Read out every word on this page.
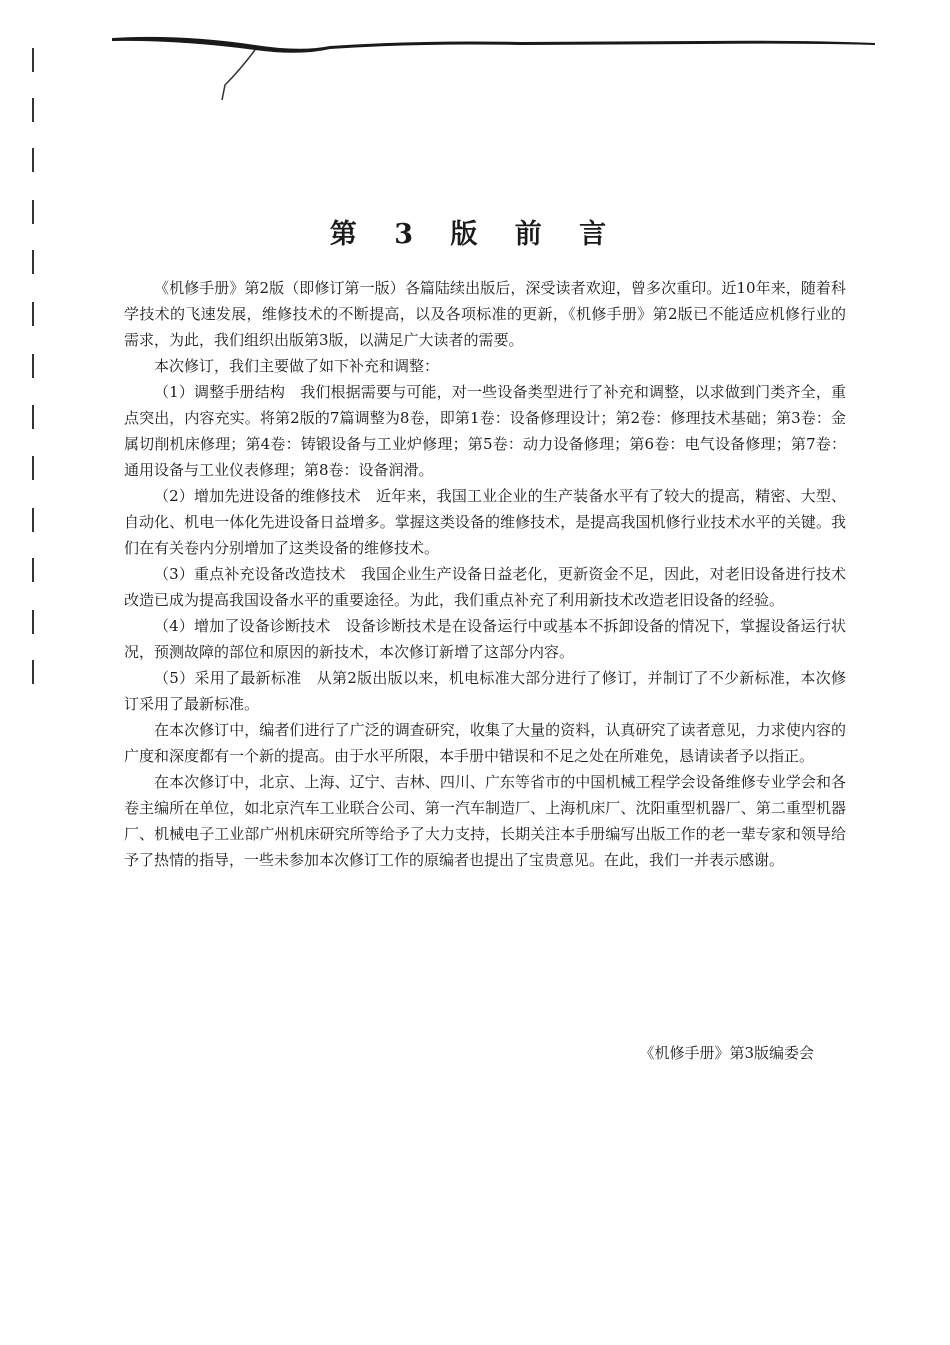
第 3 版 前 言

《机修手册》第2版（即修订第一版）各篇陆续出版后，深受读者欢迎，曾多次重印。近10年来，随着科学技术的飞速发展，维修技术的不断提高，以及各项标准的更新，《机修手册》第2版已不能适应机修行业的需求，为此，我们组织出版第3版，以满足广大读者的需要。

本次修订，我们主要做了如下补充和调整：

（1）调整手册结构　我们根据需要与可能，对一些设备类型进行了补充和调整，以求做到门类齐全，重点突出，内容充实。将第2版的7篇调整为8卷，即第1卷：设备修理设计；第2卷：修理技术基础；第3卷：金属切削机床修理；第4卷：铸锻设备与工业炉修理；第5卷：动力设备修理；第6卷：电气设备修理；第7卷：通用设备与工业仪表修理；第8卷：设备润滑。

（2）增加先进设备的维修技术　近年来，我国工业企业的生产装备水平有了较大的提高，精密、大型、自动化、机电一体化先进设备日益增多。掌握这类设备的维修技术，是提高我国机修行业技术水平的关键。我们在有关卷内分别增加了这类设备的维修技术。

（3）重点补充设备改造技术　我国企业生产设备日益老化，更新资金不足，因此，对老旧设备进行技术改造已成为提高我国设备水平的重要途径。为此，我们重点补充了利用新技术改造老旧设备的经验。

（4）增加了设备诊断技术　设备诊断技术是在设备运行中或基本不拆卸设备的情况下，掌握设备运行状况，预测故障的部位和原因的新技术，本次修订新增了这部分内容。

（5）采用了最新标准　从第2版出版以来，机电标准大部分进行了修订，并制订了不少新标准，本次修订采用了最新标准。

在本次修订中，编者们进行了广泛的调查研究，收集了大量的资料，认真研究了读者意见，力求使内容的广度和深度都有一个新的提高。由于水平所限，本手册中错误和不足之处在所难免，恳请读者予以指正。

在本次修订中，北京、上海、辽宁、吉林、四川、广东等省市的中国机械工程学会设备维修专业学会和各卷主编所在单位，如北京汽车工业联合公司、第一汽车制造厂、上海机床厂、沈阳重型机器厂、第二重型机器厂、机械电子工业部广州机床研究所等给予了大力支持，长期关注本手册编写出版工作的老一辈专家和领导给予了热情的指导，一些未参加本次修订工作的原编者也提出了宝贵意见。在此，我们一并表示感谢。

《机修手册》第3版编委会
